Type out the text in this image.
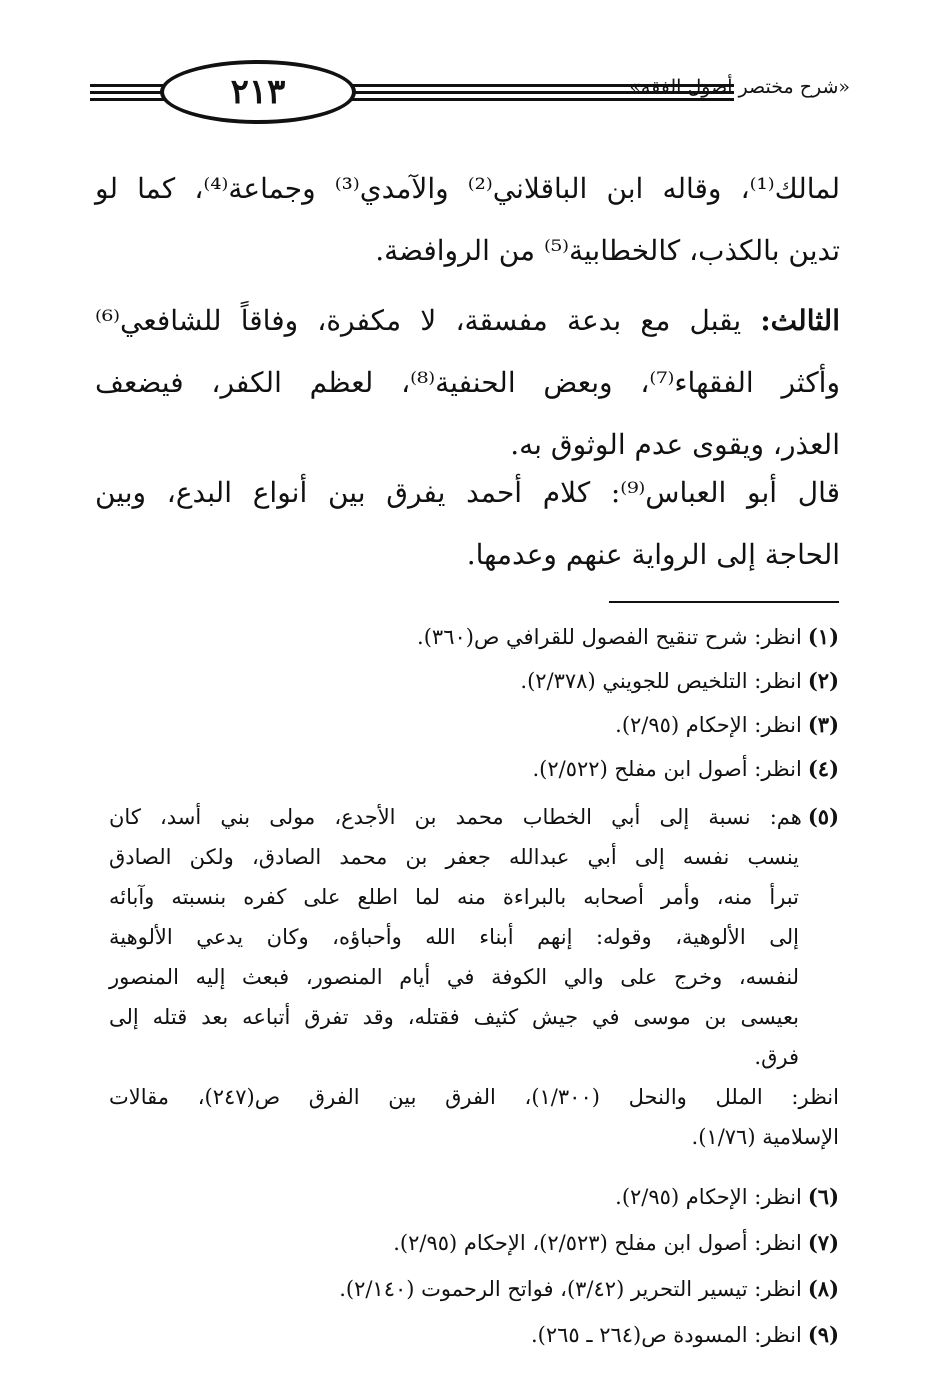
٢١٣	«شرح مختصر أصول الفقه»
لمالك⁽¹⁾، وقاله ابن الباقلاني⁽²⁾ والآمدي⁽³⁾ وجماعة⁽⁴⁾، كما لو
تدين بالكذب، كالخطابية⁽⁵⁾ من الروافضة.
الثالث: يقبل مع بدعة مفسقة، لا مكفرة، وفاقاً للشافعي⁽⁶⁾
وأكثر الفقهاء⁽⁷⁾، وبعض الحنفية⁽⁸⁾، لعظم الكفر، فيضعف
العذر، ويقوى عدم الوثوق به.
قال أبو العباس⁽⁹⁾: كلام أحمد يفرق بين أنواع البدع، وبين
الحاجة إلى الرواية عنهم وعدمها.
(١)انظر: شرح تنقيح الفصول للقرافي ص(٣٦٠).
(٢)انظر: التلخيص للجويني (٢/٣٧٨).
(٣)انظر: الإحكام (٢/٩٥).
(٤)انظر: أصول ابن مفلح (٢/٥٢٢).
(٥)هم: نسبة إلى أبي الخطاب محمد بن الأجدع، مولى بني أسد، كان
ينسب نفسه إلى أبي عبدالله جعفر بن محمد الصادق، ولكن الصادق
تبرأ منه، وأمر أصحابه بالبراءة منه لما اطلع على كفره بنسبته وآبائه
إلى الألوهية، وقوله: إنهم أبناء الله وأحباؤه، وكان يدعي الألوهية
لنفسه، وخرج على والي الكوفة في أيام المنصور، فبعث إليه المنصور
بعيسى بن موسى في جيش كثيف فقتله، وقد تفرق أتباعه بعد قتله إلى
فرق.
انظر: الملل والنحل (١/٣٠٠)، الفرق بين الفرق ص(٢٤٧)، مقالات
الإسلامية (١/٧٦).
(٦)انظر: الإحكام (٢/٩٥).
(٧)انظر: أصول ابن مفلح (٢/٥٢٣)، الإحكام (٢/٩٥).
(٨)انظر: تيسير التحرير (٣/٤٢)، فواتح الرحموت (٢/١٤٠).
(٩)انظر: المسودة ص(٢٦٤ ـ ٢٦٥).
